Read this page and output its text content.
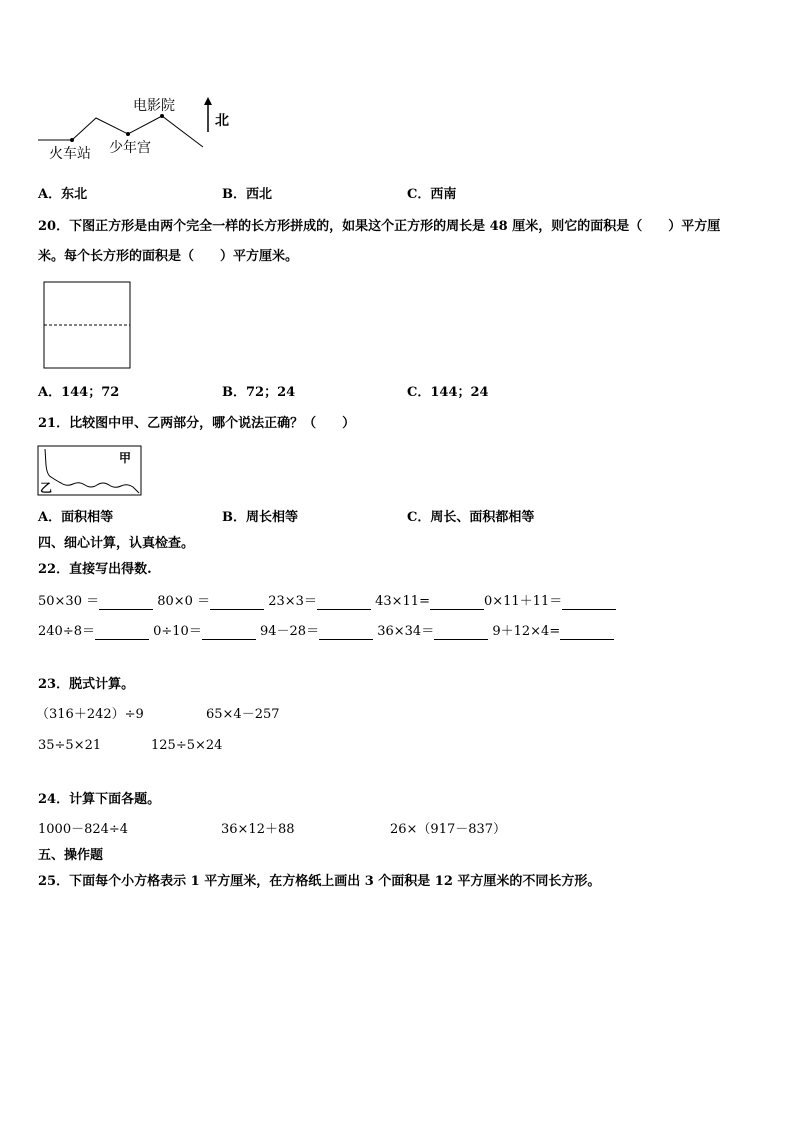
电影院
火车站 少年宫
北
A．东北	B．西北	C．西南
20．下图正方形是由两个完全一样的长方形拼成的，如果这个正方形的周长是 48 厘米，则它的面积是（　　）平方厘
米。每个长方形的面积是（　　）平方厘米。
A．144；72	B．72；24	C．144；24
21．比较图中甲、乙两部分，哪个说法正确？（　　）
甲
乙
A．面积相等	B．周长相等	C．周长、面积都相等
四、细心计算，认真检查。
22．直接写出得数.
50×30 ＝	80×0 ＝	23×3＝	43×11=	0×11＋11＝
240÷8＝	0÷10＝	94－28＝	36×34＝	9＋12×4=
23．脱式计算。
（316＋242）÷9	65×4－257
35÷5×21	125÷5×24
24．计算下面各题。
1000－824÷4	36×12＋88	26×（917－837）
五、操作题
25．下面每个小方格表示 1 平方厘米，在方格纸上画出 3 个面积是 12 平方厘米的不同长方形。
